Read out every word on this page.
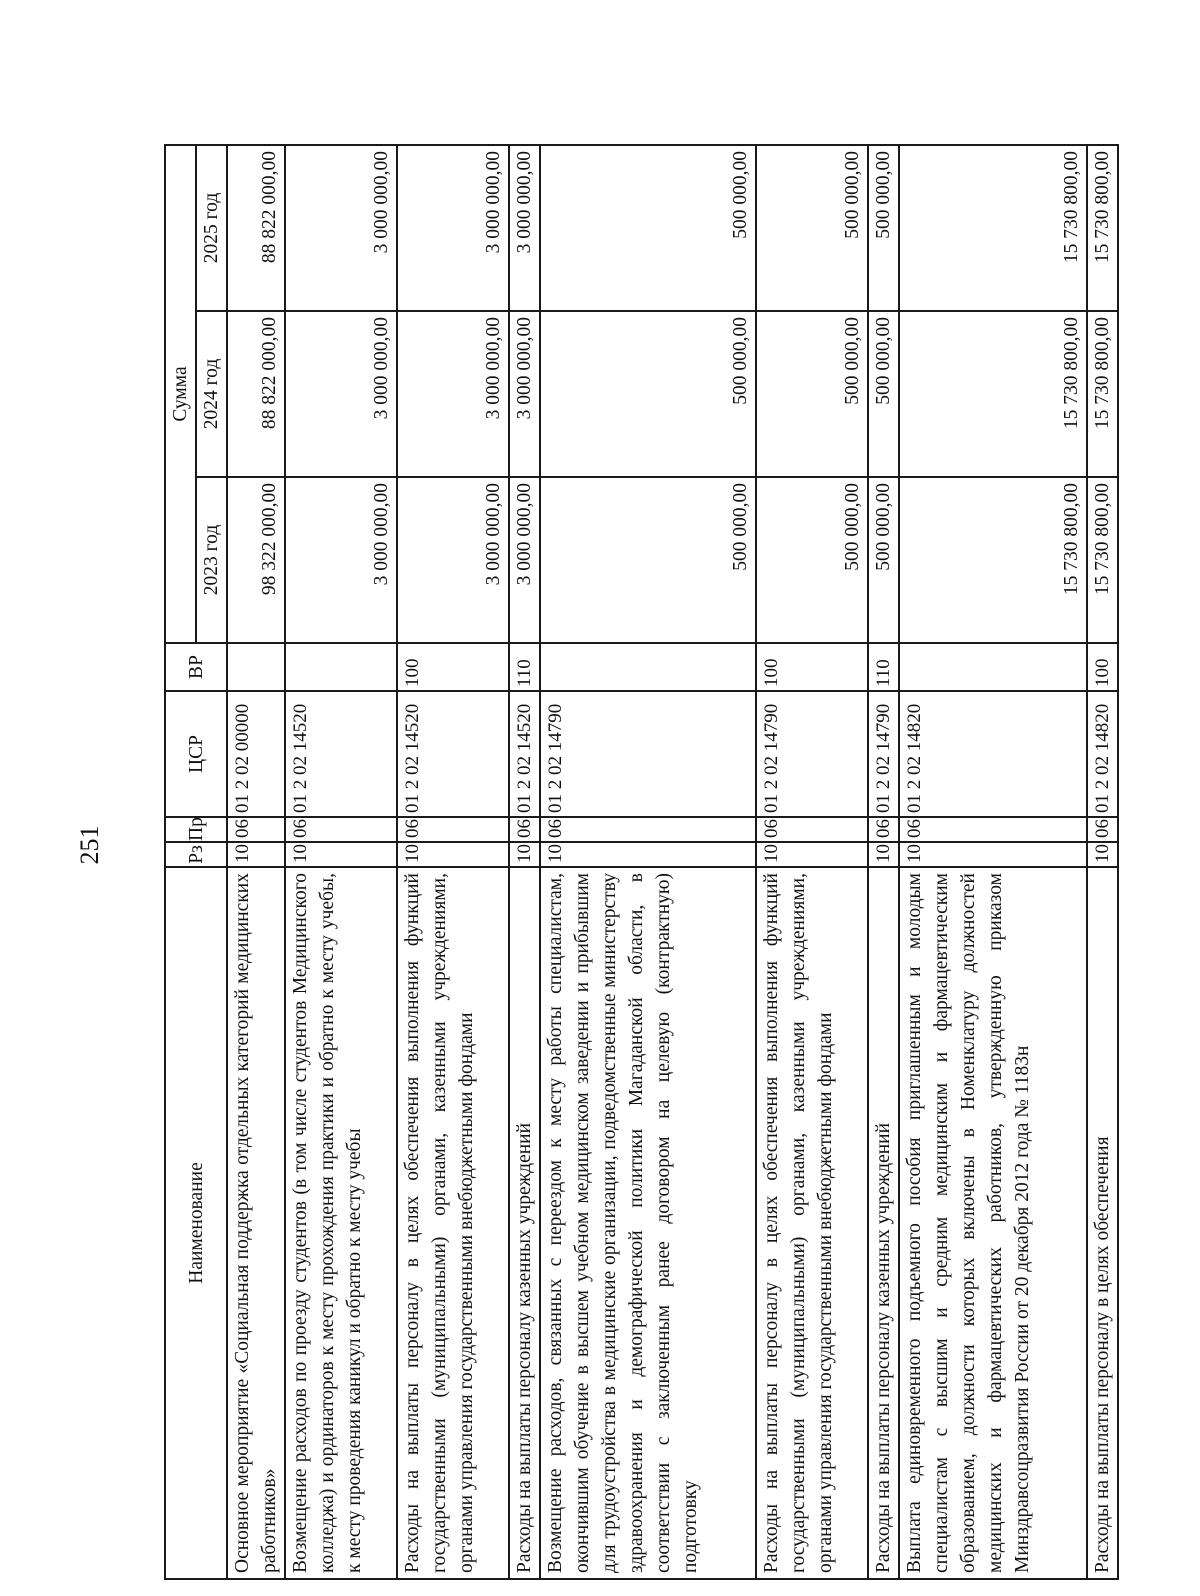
251
Наименование	Рз	Пр	ЦСР	ВР	Сумма		
					2023 год	2024 год	2025 год
Основное мероприятие «Социальная поддержка отдельных категорий медицинских работников»	10	06	01 2 02 00000		98 322 000,00	88 822 000,00	88 822 000,00
Возмещение расходов по проезду студентов (в том числе студентов Медицинского колледжа) и ординаторов к месту прохождения практики и обратно к месту учебы, к месту проведения каникул и обратно к месту учебы	10	06	01 2 02 14520		3 000 000,00	3 000 000,00	3 000 000,00
Расходы на выплаты персоналу в целях обеспечения выполнения функций государственными (муниципальными) органами, казенными учреждениями, органами управления государственными внебюджетными фондами	10	06	01 2 02 14520	100	3 000 000,00	3 000 000,00	3 000 000,00
Расходы на выплаты персоналу казенных учреждений	10	06	01 2 02 14520	110	3 000 000,00	3 000 000,00	3 000 000,00
Возмещение расходов, связанных с переездом к месту работы специалистам, окончившим обучение в высшем учебном медицинском заведении и прибывшим для трудоустройства в медицинские организации, подведомственные министерству здравоохранения и демографической политики Магаданской области, в соответствии с заключенным ранее договором на целевую (контрактную) подготовку	10	06	01 2 02 14790		500 000,00	500 000,00	500 000,00
Расходы на выплаты персоналу в целях обеспечения выполнения функций государственными (муниципальными) органами, казенными учреждениями, органами управления государственными внебюджетными фондами	10	06	01 2 02 14790	100	500 000,00	500 000,00	500 000,00
Расходы на выплаты персоналу казенных учреждений	10	06	01 2 02 14790	110	500 000,00	500 000,00	500 000,00
Выплата единовременного подъемного пособия приглашенным и молодым специалистам с высшим и средним медицинским и фармацевтическим образованием, должности которых включены в Номенклатуру должностей медицинских и фармацевтических работников, утвержденную приказом Минздравсоцразвития России от 20 декабря 2012 года № 1183н	10	06	01 2 02 14820		15 730 800,00	15 730 800,00	15 730 800,00
Расходы на выплаты персоналу в целях обеспечения	10	06	01 2 02 14820	100	15 730 800,00	15 730 800,00	15 730 800,00
